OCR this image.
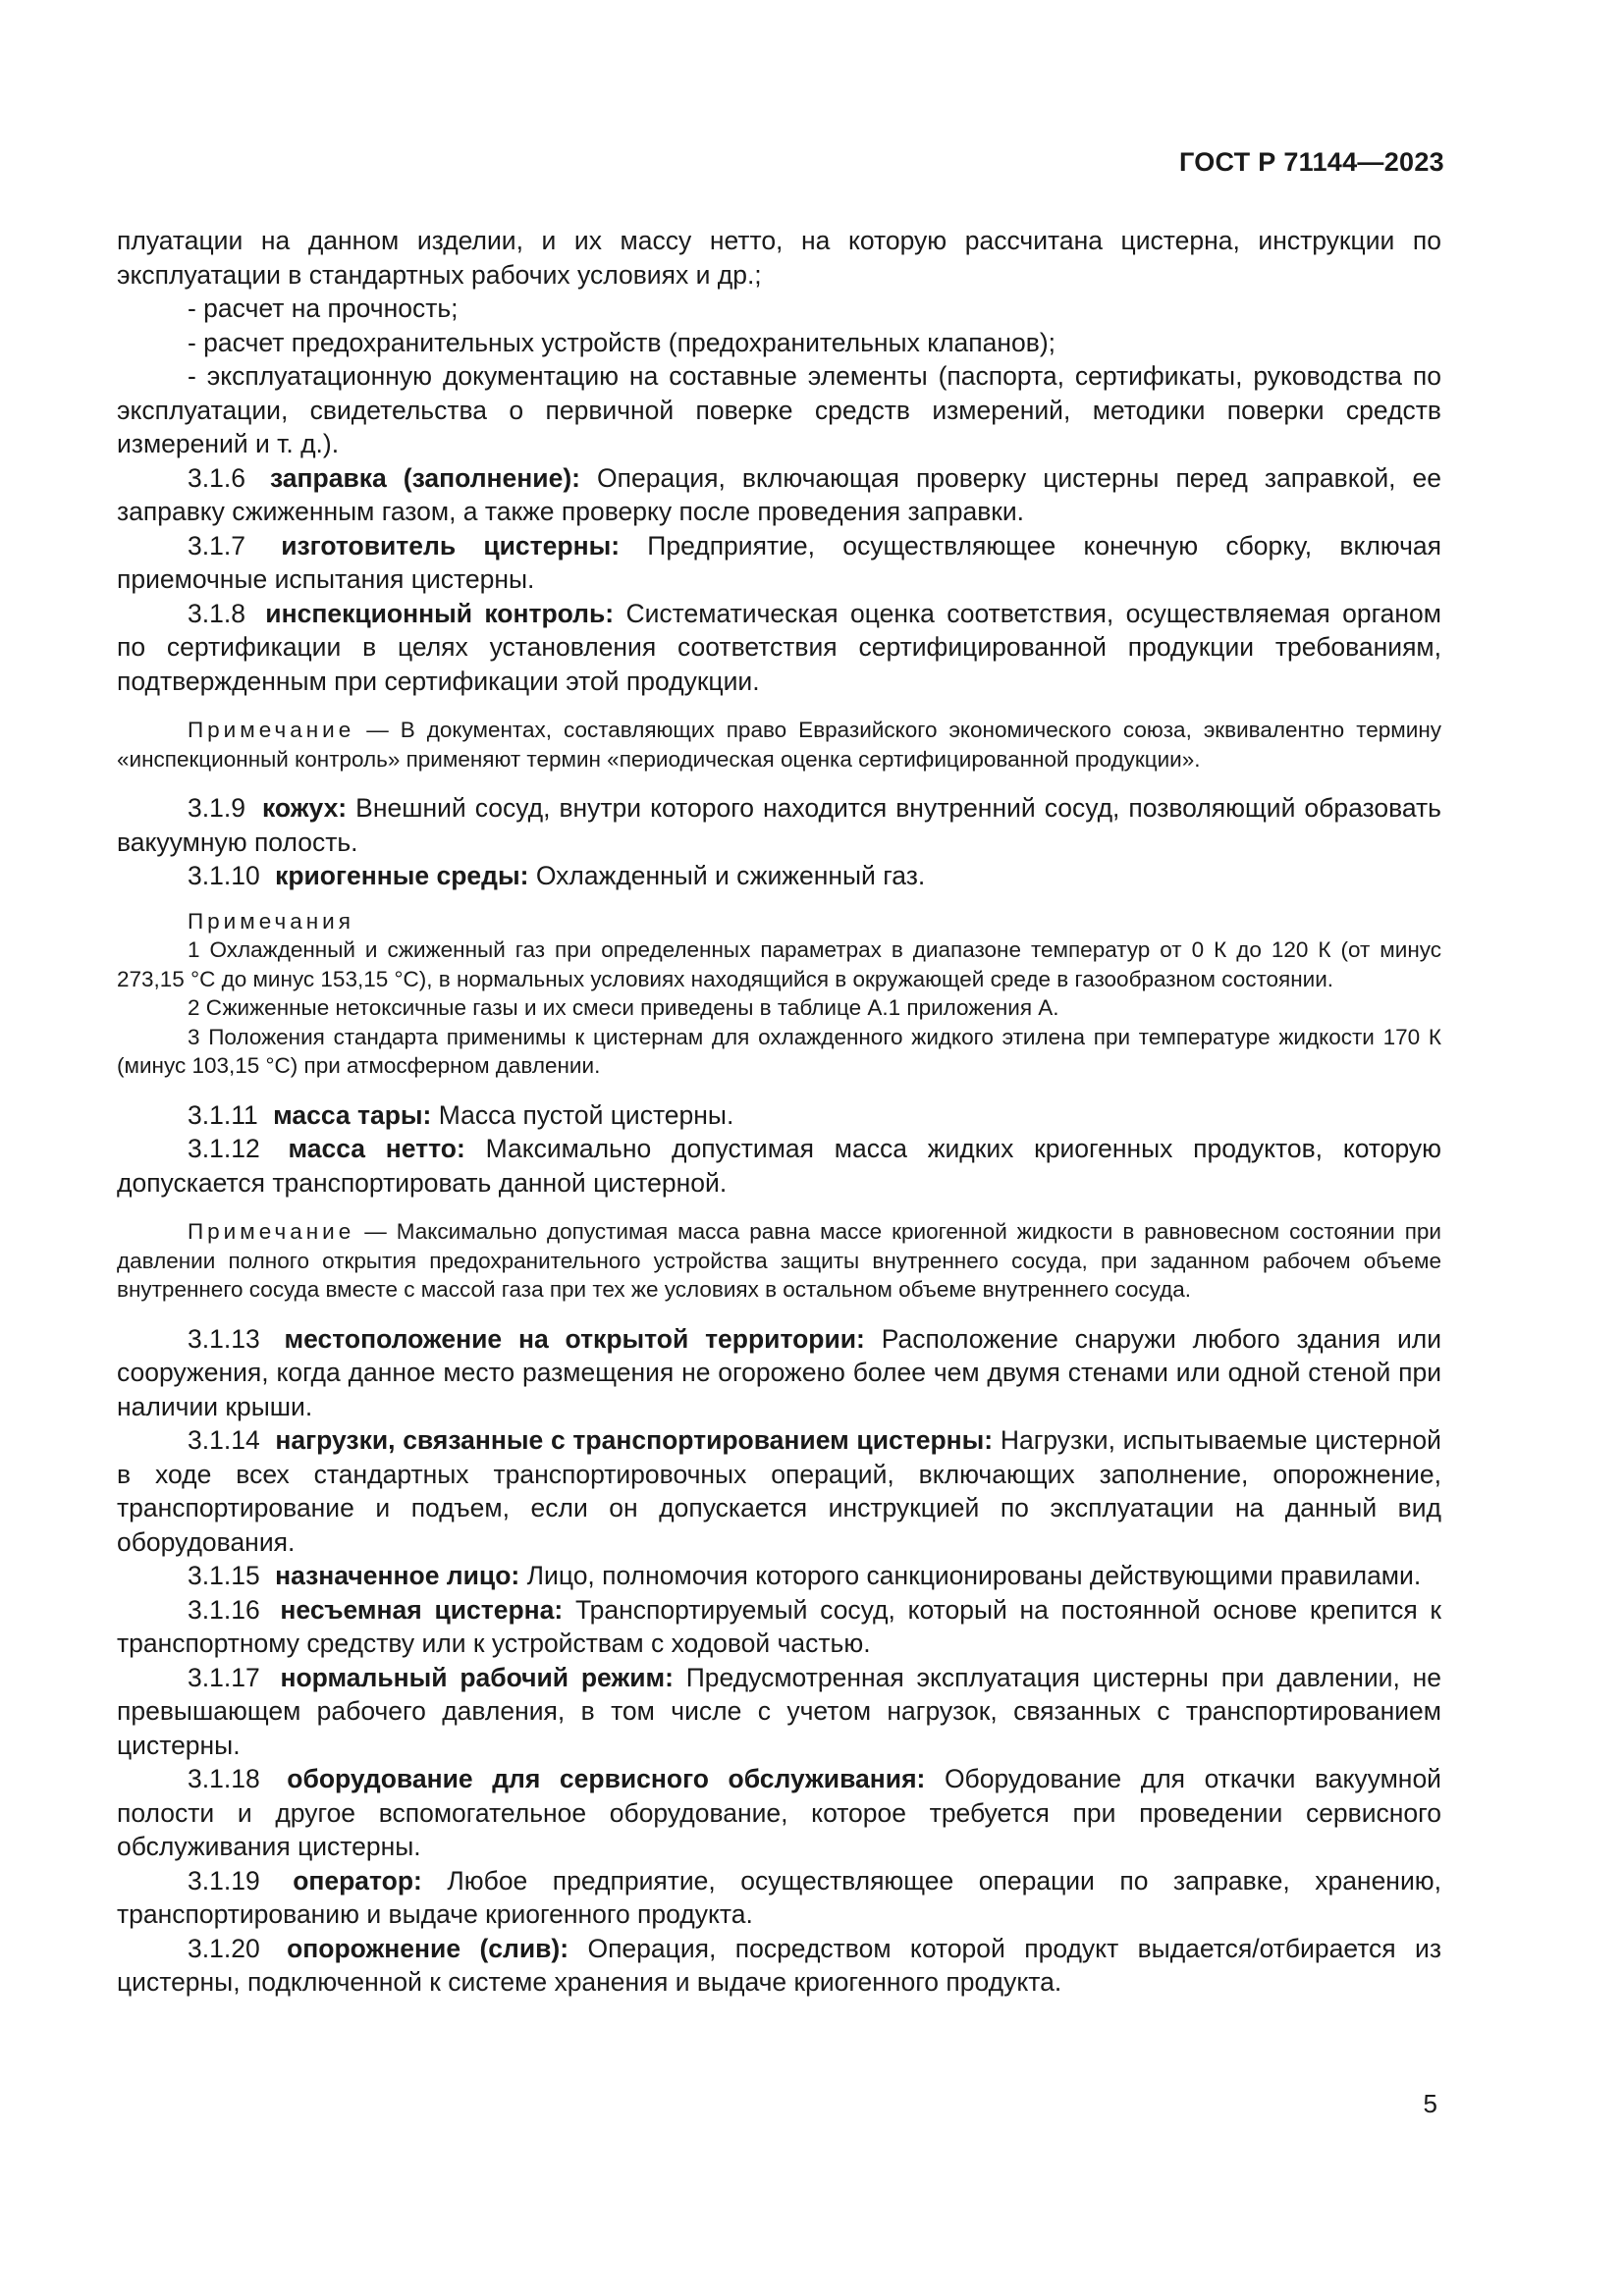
ГОСТ Р 71144—2023

плуатации на данном изделии, и их массу нетто, на которую рассчитана цистерна, инструкции по эксплуатации в стандартных рабочих условиях и др.;

- расчет на прочность;

- расчет предохранительных устройств (предохранительных клапанов);

- эксплуатационную документацию на составные элементы (паспорта, сертификаты, руководства по эксплуатации, свидетельства о первичной поверке средств измерений, методики поверки средств измерений и т. д.).

3.1.6 заправка (заполнение): Операция, включающая проверку цистерны перед заправкой, ее заправку сжиженным газом, а также проверку после проведения заправки.

3.1.7 изготовитель цистерны: Предприятие, осуществляющее конечную сборку, включая приемочные испытания цистерны.

3.1.8 инспекционный контроль: Систематическая оценка соответствия, осуществляемая органом по сертификации в целях установления соответствия сертифицированной продукции требованиям, подтвержденным при сертификации этой продукции.

Примечание — В документах, составляющих право Евразийского экономического союза, эквивалентно термину «инспекционный контроль» применяют термин «периодическая оценка сертифицированной продукции».

3.1.9 кожух: Внешний сосуд, внутри которого находится внутренний сосуд, позволяющий образовать вакуумную полость.

3.1.10 криогенные среды: Охлажденный и сжиженный газ.

Примечания

1 Охлажденный и сжиженный газ при определенных параметрах в диапазоне температур от 0 К до 120 К (от минус 273,15 °С до минус 153,15 °С), в нормальных условиях находящийся в окружающей среде в газообразном состоянии.

2 Сжиженные нетоксичные газы и их смеси приведены в таблице А.1 приложения А.

3 Положения стандарта применимы к цистернам для охлажденного жидкого этилена при температуре жидкости 170 К (минус 103,15 °С) при атмосферном давлении.

3.1.11 масса тары: Масса пустой цистерны.

3.1.12 масса нетто: Максимально допустимая масса жидких криогенных продуктов, которую допускается транспортировать данной цистерной.

Примечание — Максимально допустимая масса равна массе криогенной жидкости в равновесном состоянии при давлении полного открытия предохранительного устройства защиты внутреннего сосуда, при заданном рабочем объеме внутреннего сосуда вместе с массой газа при тех же условиях в остальном объеме внутреннего сосуда.

3.1.13 местоположение на открытой территории: Расположение снаружи любого здания или сооружения, когда данное место размещения не огорожено более чем двумя стенами или одной стеной при наличии крыши.

3.1.14 нагрузки, связанные с транспортированием цистерны: Нагрузки, испытываемые цистерной в ходе всех стандартных транспортировочных операций, включающих заполнение, опорожнение, транспортирование и подъем, если он допускается инструкцией по эксплуатации на данный вид оборудования.

3.1.15 назначенное лицо: Лицо, полномочия которого санкционированы действующими правилами.

3.1.16 несъемная цистерна: Транспортируемый сосуд, который на постоянной основе крепится к транспортному средству или к устройствам с ходовой частью.

3.1.17 нормальный рабочий режим: Предусмотренная эксплуатация цистерны при давлении, не превышающем рабочего давления, в том числе с учетом нагрузок, связанных с транспортированием цистерны.

3.1.18 оборудование для сервисного обслуживания: Оборудование для откачки вакуумной полости и другое вспомогательное оборудование, которое требуется при проведении сервисного обслуживания цистерны.

3.1.19 оператор: Любое предприятие, осуществляющее операции по заправке, хранению, транспортированию и выдаче криогенного продукта.

3.1.20 опорожнение (слив): Операция, посредством которой продукт выдается/отбирается из цистерны, подключенной к системе хранения и выдаче криогенного продукта.

5
